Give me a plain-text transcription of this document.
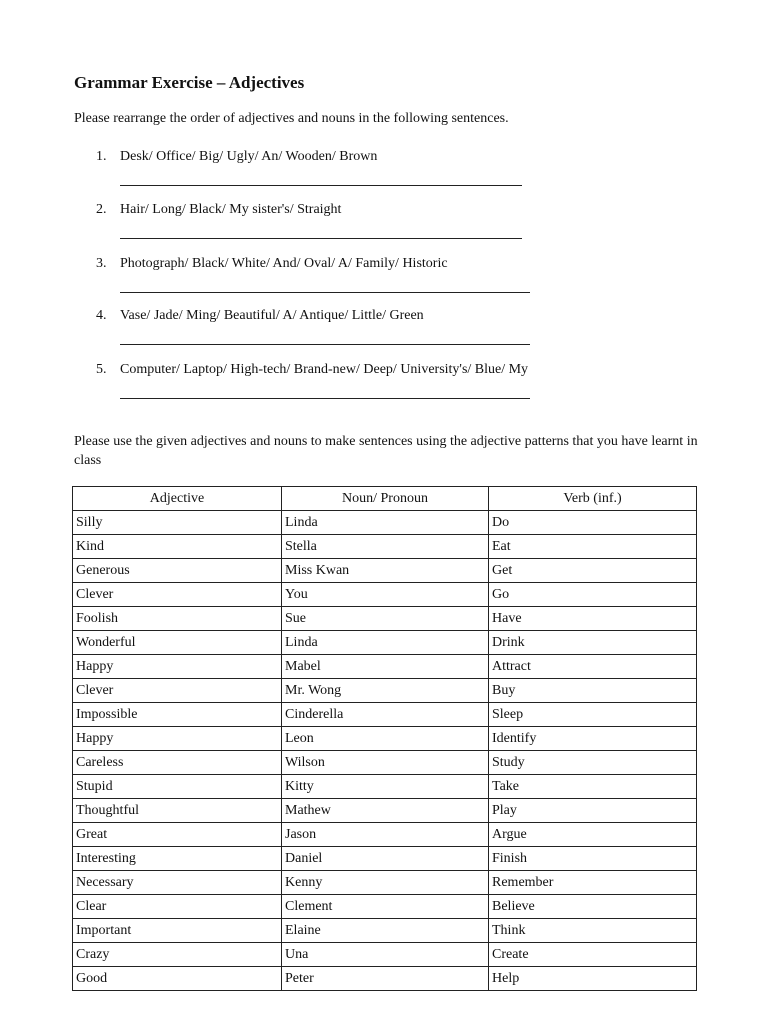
Grammar Exercise – Adjectives

Please rearrange the order of adjectives and nouns in the following sentences.

1. Desk/ Office/ Big/ Ugly/ An/ Wooden/ Brown
2. Hair/ Long/ Black/ My sister's/ Straight
3. Photograph/ Black/ White/ And/ Oval/ A/ Family/ Historic
4. Vase/ Jade/ Ming/ Beautiful/ A/ Antique/ Little/ Green
5. Computer/ Laptop/ High-tech/ Brand-new/ Deep/ University's/ Blue/ My

Please use the given adjectives and nouns to make sentences using the adjective patterns that you have learnt in class

Adjective	Noun/ Pronoun	Verb (inf.)
Silly	Linda	Do
Kind	Stella	Eat
Generous	Miss Kwan	Get
Clever	You	Go
Foolish	Sue	Have
Wonderful	Linda	Drink
Happy	Mabel	Attract
Clever	Mr. Wong	Buy
Impossible	Cinderella	Sleep
Happy	Leon	Identify
Careless	Wilson	Study
Stupid	Kitty	Take
Thoughtful	Mathew	Play
Great	Jason	Argue
Interesting	Daniel	Finish
Necessary	Kenny	Remember
Clear	Clement	Believe
Important	Elaine	Think
Crazy	Una	Create
Good	Peter	Help
